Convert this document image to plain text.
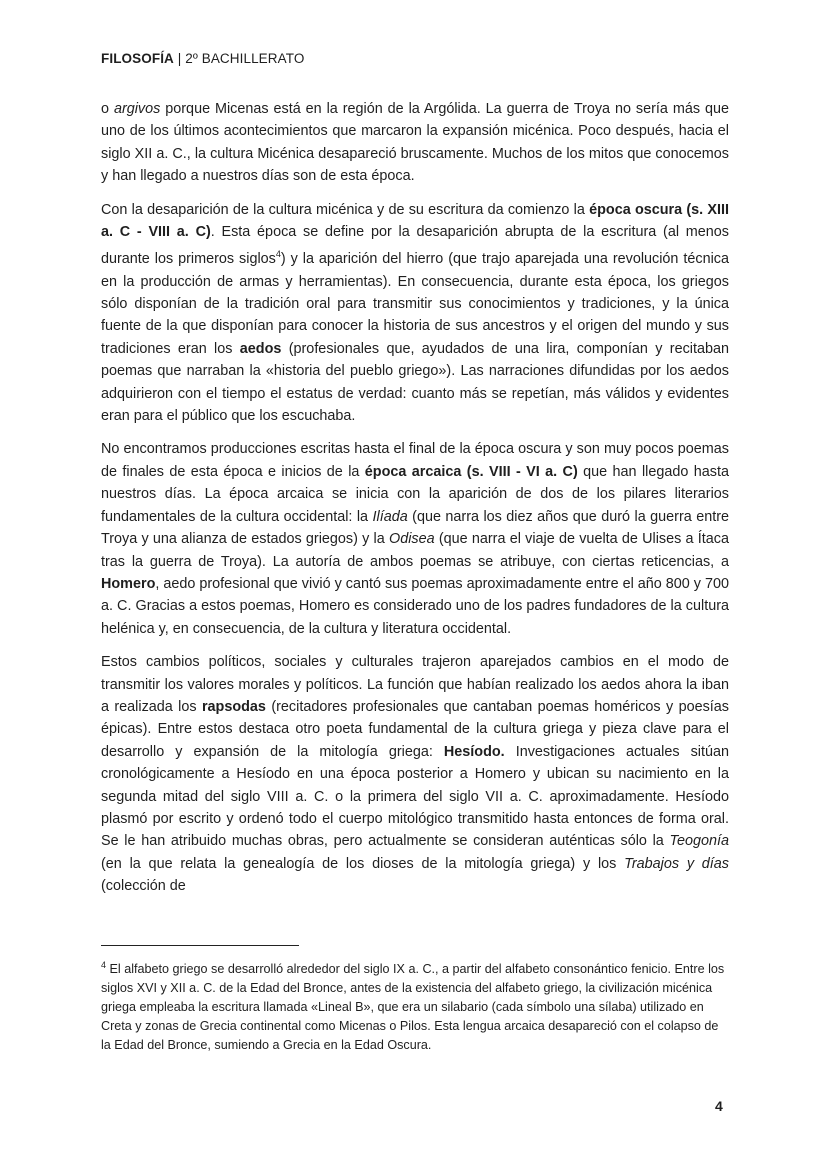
FILOSOFÍA | 2º BACHILLERATO

o argivos porque Micenas está en la región de la Argólida. La guerra de Troya no sería más que uno de los últimos acontecimientos que marcaron la expansión micénica. Poco después, hacia el siglo XII a. C., la cultura Micénica desapareció bruscamente. Muchos de los mitos que conocemos y han llegado a nuestros días son de esta época.

Con la desaparición de la cultura micénica y de su escritura da comienzo la época oscura (s. XIII a. C - VIII a. C). Esta época se define por la desaparición abrupta de la escritura (al menos durante los primeros siglos$^4$) y la aparición del hierro (que trajo aparejada una revolución técnica en la producción de armas y herramientas). En consecuencia, durante esta época, los griegos sólo disponían de la tradición oral para transmitir sus conocimientos y tradiciones, y la única fuente de la que disponían para conocer la historia de sus ancestros y el origen del mundo y sus tradiciones eran los aedos (profesionales que, ayudados de una lira, componían y recitaban poemas que narraban la «historia del pueblo griego»). Las narraciones difundidas por los aedos adquirieron con el tiempo el estatus de verdad: cuanto más se repetían, más válidos y evidentes eran para el público que los escuchaba.

No encontramos producciones escritas hasta el final de la época oscura y son muy pocos poemas de finales de esta época e inicios de la época arcaica (s. VIII - VI a. C) que han llegado hasta nuestros días. La época arcaica se inicia con la aparición de dos de los pilares literarios fundamentales de la cultura occidental: la Ilíada (que narra los diez años que duró la guerra entre Troya y una alianza de estados griegos) y la Odisea (que narra el viaje de vuelta de Ulises a Ítaca tras la guerra de Troya). La autoría de ambos poemas se atribuye, con ciertas reticencias, a Homero, aedo profesional que vivió y cantó sus poemas aproximadamente entre el año 800 y 700 a. C. Gracias a estos poemas, Homero es considerado uno de los padres fundadores de la cultura helénica y, en consecuencia, de la cultura y literatura occidental.

Estos cambios políticos, sociales y culturales trajeron aparejados cambios en el modo de transmitir los valores morales y políticos. La función que habían realizado los aedos ahora la iban a realizada los rapsodas (recitadores profesionales que cantaban poemas homéricos y poesías épicas). Entre estos destaca otro poeta fundamental de la cultura griega y pieza clave para el desarrollo y expansión de la mitología griega: Hesíodo. Investigaciones actuales sitúan cronológicamente a Hesíodo en una época posterior a Homero y ubican su nacimiento en la segunda mitad del siglo VIII a. C. o la primera del siglo VII a. C. aproximadamente. Hesíodo plasmó por escrito y ordenó todo el cuerpo mitológico transmitido hasta entonces de forma oral. Se le han atribuido muchas obras, pero actualmente se consideran auténticas sólo la Teogonía (en la que relata la genealogía de los dioses de la mitología griega) y los Trabajos y días (colección de

$^4$ El alfabeto griego se desarrolló alrededor del siglo IX a. C., a partir del alfabeto consonántico fenicio. Entre los siglos XVI y XII a. C. de la Edad del Bronce, antes de la existencia del alfabeto griego, la civilización micénica griega empleaba la escritura llamada «Lineal B», que era un silabario (cada símbolo una sílaba) utilizado en Creta y zonas de Grecia continental como Micenas o Pilos. Esta lengua arcaica desapareció con el colapso de la Edad del Bronce, sumiendo a Grecia en la Edad Oscura.
4
